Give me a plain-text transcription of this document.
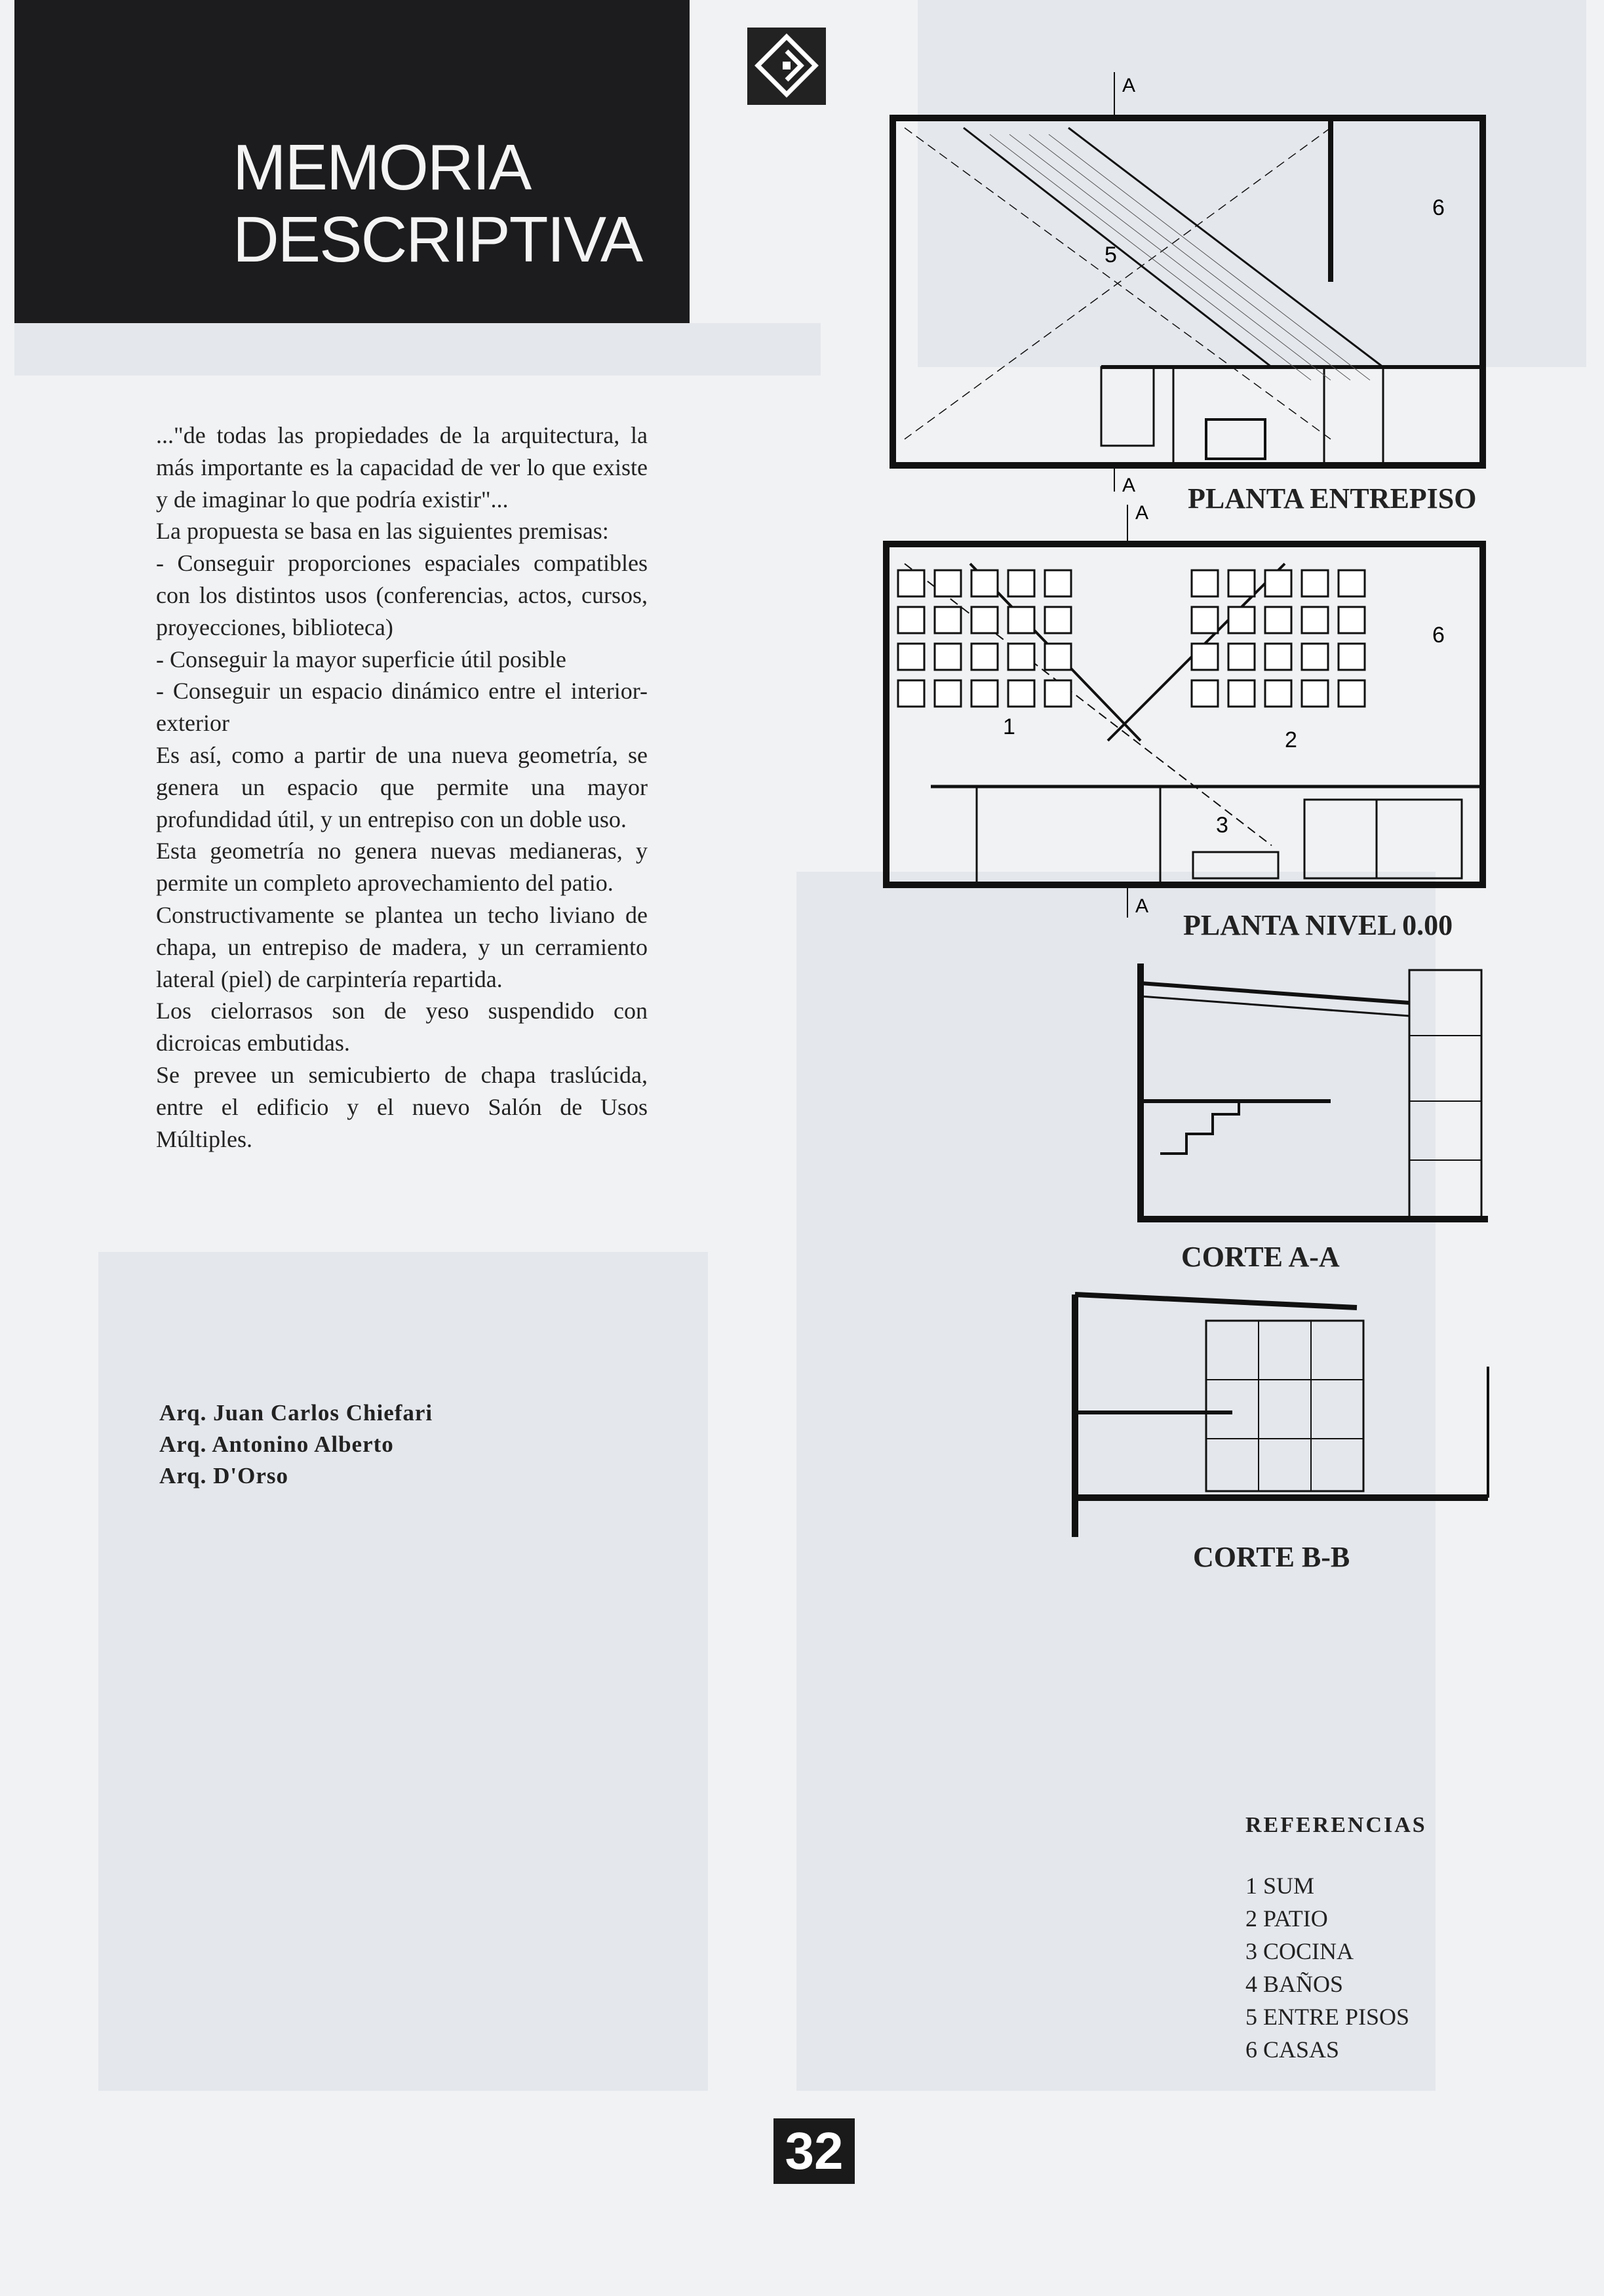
MEMORIA
DESCRIPTIVA

..."de todas las propiedades de la arquitectura, la más importante es la capacidad de ver lo que existe y de imaginar lo que podría existir"...

La propuesta se basa en las siguientes premisas:

- Conseguir proporciones espaciales compatibles con los distintos usos (conferencias, actos, cursos, proyecciones, biblioteca)

- Conseguir la mayor superficie útil posible

- Conseguir un espacio dinámico entre el interior-exterior

Es así, como a partir de una nueva geometría, se genera un espacio que permite una mayor profundidad útil, y un entrepiso con un doble uso.

Esta geometría no genera nuevas medianeras, y permite un completo aprovechamiento del patio.

Constructivamente se plantea un techo liviano de chapa, un entrepiso de madera, y un cerramiento lateral (piel) de carpintería repartida.

Los cielorrasos son de yeso suspendido con dicroicas embutidas.

Se prevee un semicubierto de chapa traslúcida, entre el edificio y el nuevo Salón de Usos Múltiples.

Arq. Juan Carlos Chiefari
Arq. Antonino Alberto
Arq. D'Orso
A
A
5
6
PLANTA ENTREPISO
A
A
1
2
3
6
PLANTA NIVEL 0.00
CORTE A-A
CORTE B-B
REFERENCIAS
1 SUM
2 PATIO
3 COCINA
4 BAÑOS
5 ENTRE PISOS
6 CASAS
32
